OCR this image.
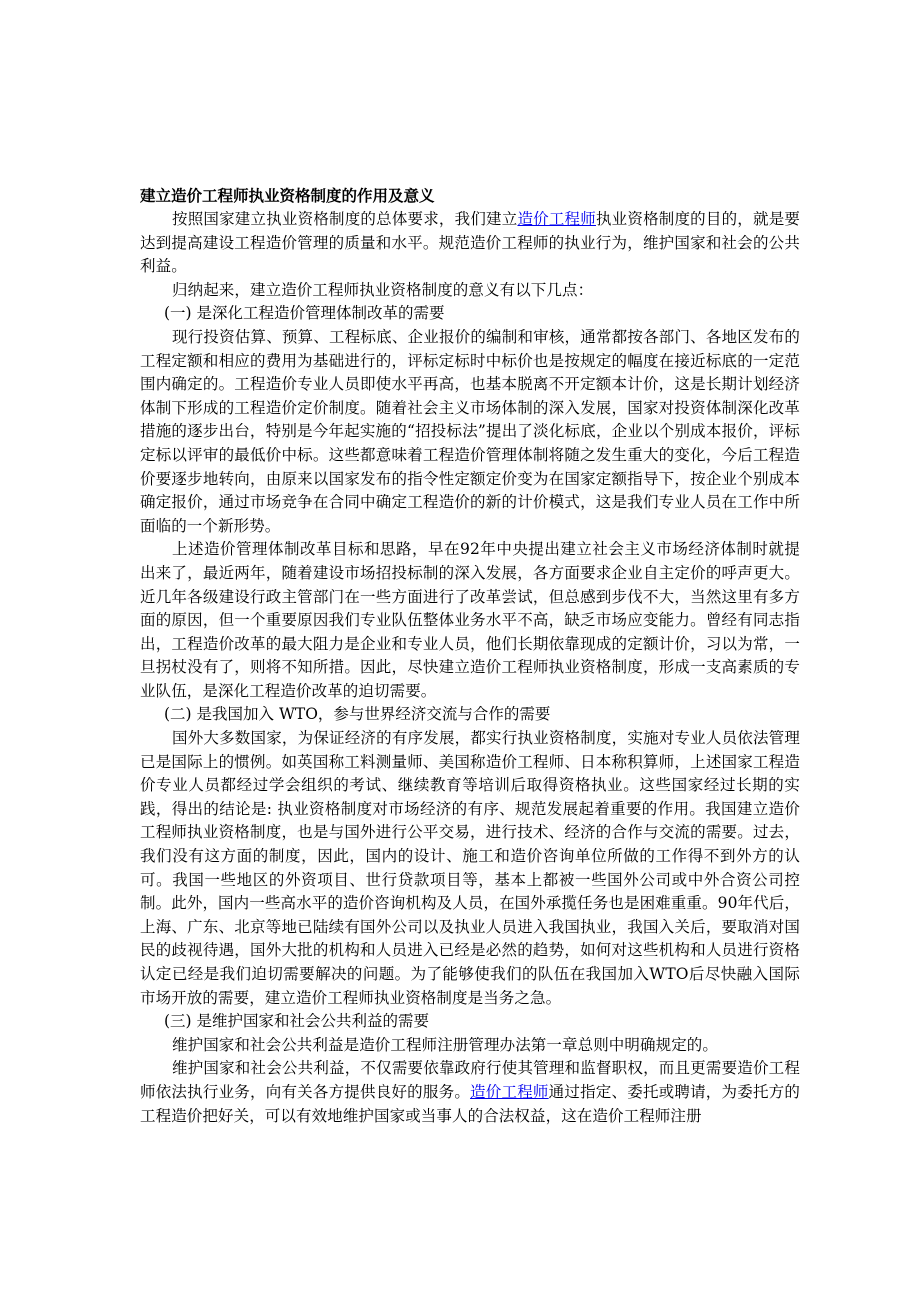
建立造价工程师执业资格制度的作用及意义

按照国家建立执业资格制度的总体要求，我们建立造价工程师执业资格制度的目的，就是要达到提高建设工程造价管理的质量和水平。规范造价工程师的执业行为，维护国家和社会的公共利益。

归纳起来，建立造价工程师执业资格制度的意义有以下几点：

(一) 是深化工程造价管理体制改革的需要

现行投资估算、预算、工程标底、企业报价的编制和审核，通常都按各部门、各地区发布的工程定额和相应的费用为基础进行的，评标定标时中标价也是按规定的幅度在接近标底的一定范围内确定的。工程造价专业人员即使水平再高，也基本脱离不开定额本计价，这是长期计划经济体制下形成的工程造价定价制度。随着社会主义市场体制的深入发展，国家对投资体制深化改革措施的逐步出台，特别是今年起实施的“招投标法”提出了淡化标底，企业以个别成本报价，评标定标以评审的最低价中标。这些都意味着工程造价管理体制将随之发生重大的变化，今后工程造价要逐步地转向，由原来以国家发布的指令性定额定价变为在国家定额指导下，按企业个别成本确定报价，通过市场竞争在合同中确定工程造价的新的计价模式，这是我们专业人员在工作中所面临的一个新形势。

上述造价管理体制改革目标和思路，早在92年中央提出建立社会主义市场经济体制时就提出来了，最近两年，随着建设市场招投标制的深入发展，各方面要求企业自主定价的呼声更大。近几年各级建设行政主管部门在一些方面进行了改革尝试，但总感到步伐不大，当然这里有多方面的原因，但一个重要原因我们专业队伍整体业务水平不高，缺乏市场应变能力。曾经有同志指出，工程造价改革的最大阻力是企业和专业人员，他们长期依靠现成的定额计价，习以为常，一旦拐杖没有了，则将不知所措。因此，尽快建立造价工程师执业资格制度，形成一支高素质的专业队伍，是深化工程造价改革的迫切需要。

(二) 是我国加入 WTO，参与世界经济交流与合作的需要

国外大多数国家，为保证经济的有序发展，都实行执业资格制度，实施对专业人员依法管理已是国际上的惯例。如英国称工料测量师、美国称造价工程师、日本称积算师，上述国家工程造价专业人员都经过学会组织的考试、继续教育等培训后取得资格执业。这些国家经过长期的实践，得出的结论是: 执业资格制度对市场经济的有序、规范发展起着重要的作用。我国建立造价工程师执业资格制度，也是与国外进行公平交易，进行技术、经济的合作与交流的需要。过去，我们没有这方面的制度，因此，国内的设计、施工和造价咨询单位所做的工作得不到外方的认可。我国一些地区的外资项目、世行贷款项目等，基本上都被一些国外公司或中外合资公司控制。此外，国内一些高水平的造价咨询机构及人员，在国外承揽任务也是困难重重。90年代后，上海、广东、北京等地已陆续有国外公司以及执业人员进入我国执业，我国入关后，要取消对国民的歧视待遇，国外大批的机构和人员进入已经是必然的趋势，如何对这些机构和人员进行资格认定已经是我们迫切需要解决的问题。为了能够使我们的队伍在我国加入WTO后尽快融入国际市场开放的需要，建立造价工程师执业资格制度是当务之急。

(三) 是维护国家和社会公共利益的需要

维护国家和社会公共利益是造价工程师注册管理办法第一章总则中明确规定的。

维护国家和社会公共利益，不仅需要依靠政府行使其管理和监督职权，而且更需要造价工程师依法执行业务，向有关各方提供良好的服务。造价工程师通过指定、委托或聘请，为委托方的工程造价把好关，可以有效地维护国家或当事人的合法权益，这在造价工程师注册
